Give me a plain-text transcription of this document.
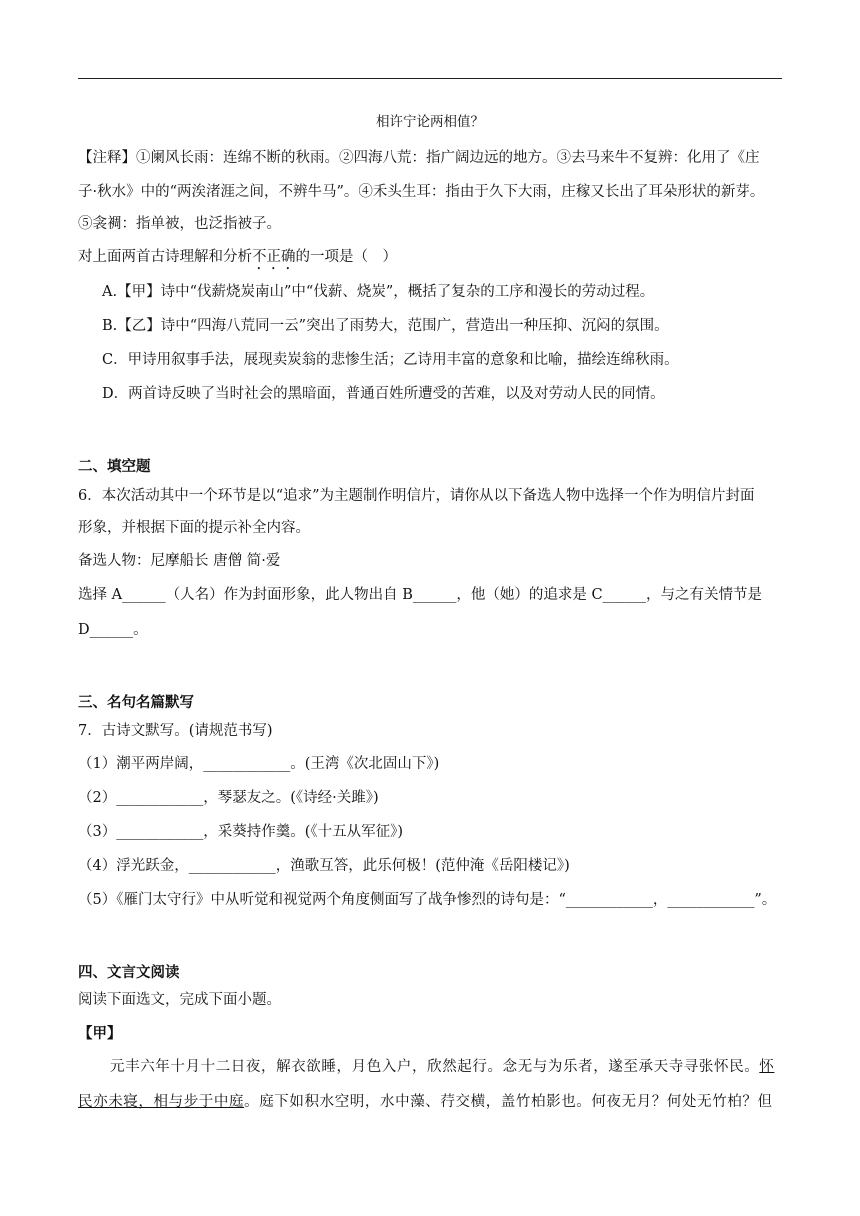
相许宁论两相值？
【注释】①阑风长雨：连绵不断的秋雨。②四海八荒：指广阔边远的地方。③去马来牛不复辨：化用了《庄
子·秋水》中的“两涘渚涯之间，不辨牛马”。④禾头生耳：指由于久下大雨，庄稼又长出了耳朵形状的新芽。
⑤衾裯：指单被，也泛指被子。
对上面两首古诗理解和分析不正确的一项是（　）
A.【甲】诗中“伐薪烧炭南山”中“伐薪、烧炭”，概括了复杂的工序和漫长的劳动过程。
B.【乙】诗中“四海八荒同一云”突出了雨势大，范围广，营造出一种压抑、沉闷的氛围。
C．甲诗用叙事手法，展现卖炭翁的悲惨生活；乙诗用丰富的意象和比喻，描绘连绵秋雨。
D．两首诗反映了当时社会的黑暗面，普通百姓所遭受的苦难，以及对劳动人民的同情。
二、填空题
6．本次活动其中一个环节是以“追求”为主题制作明信片，请你从以下备选人物中选择一个作为明信片封面
形象，并根据下面的提示补全内容。
备选人物：尼摩船长 唐僧 简·爱
选择 A______（人名）作为封面形象，此人物出自 B______，他（她）的追求是 C______，与之有关情节是
D______。
三、名句名篇默写
7．古诗文默写。(请规范书写)
（1）潮平两岸阔，____________。(王湾《次北固山下》)
（2）____________，琴瑟友之。(《诗经·关雎》)
（3）____________，采葵持作羹。(《十五从军征》)
（4）浮光跃金，____________，渔歌互答，此乐何极！(范仲淹《岳阳楼记》)
（5）《雁门太守行》中从听觉和视觉两个角度侧面写了战争惨烈的诗句是：“____________，____________”。
四、文言文阅读
阅读下面选文，完成下面小题。
【甲】
元丰六年十月十二日夜，解衣欲睡，月色入户，欣然起行。念无与为乐者，遂至承天寺寻张怀民。怀
民亦未寝，相与步于中庭。庭下如积水空明，水中藻、荇交横，盖竹柏影也。何夜无月？何处无竹柏？但
